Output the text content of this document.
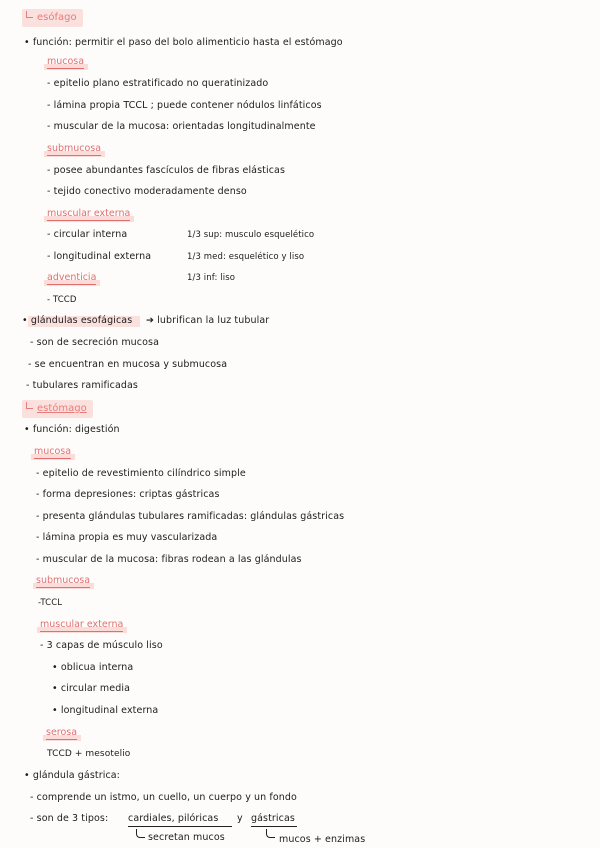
esófago
• función: permitir el paso del bolo alimenticio hasta el estómago
mucosa
- epitelio plano estratificado no queratinizado
- lámina propia TCCL ; puede contener nódulos linfáticos
- muscular de la mucosa: orientadas longitudinalmente
submucosa
- posee abundantes fascículos de fibras elásticas
- tejido conectivo moderadamente denso
muscular externa
- circular interna
- longitudinal externa
1/3 sup: musculo esquelético
1/3 med: esquelético y liso
1/3 inf: liso
adventicia
- TCCD
• glándulas esofágicas ➔ lubrifican la luz tubular
- son de secreción mucosa
- se encuentran en mucosa y submucosa
- tubulares ramificadas
estómago
• función: digestión
mucosa
- epitelio de revestimiento cilíndrico simple
- forma depresiones: criptas gástricas
- presenta glándulas tubulares ramificadas: glándulas gástricas
- lámina propia es muy vascularizada
- muscular de la mucosa: fibras rodean a las glándulas
submucosa
-TCCL
muscular externa
- 3 capas de músculo liso
• oblicua interna
• circular media
• longitudinal externa
serosa
TCCD + mesotelio
• glándula gástrica:
- comprende un istmo, un cuello, un cuerpo y un fondo
- son de 3 tipos: cardiales, pilóricas y gástricas
secretan mucos	mucos + enzimas
